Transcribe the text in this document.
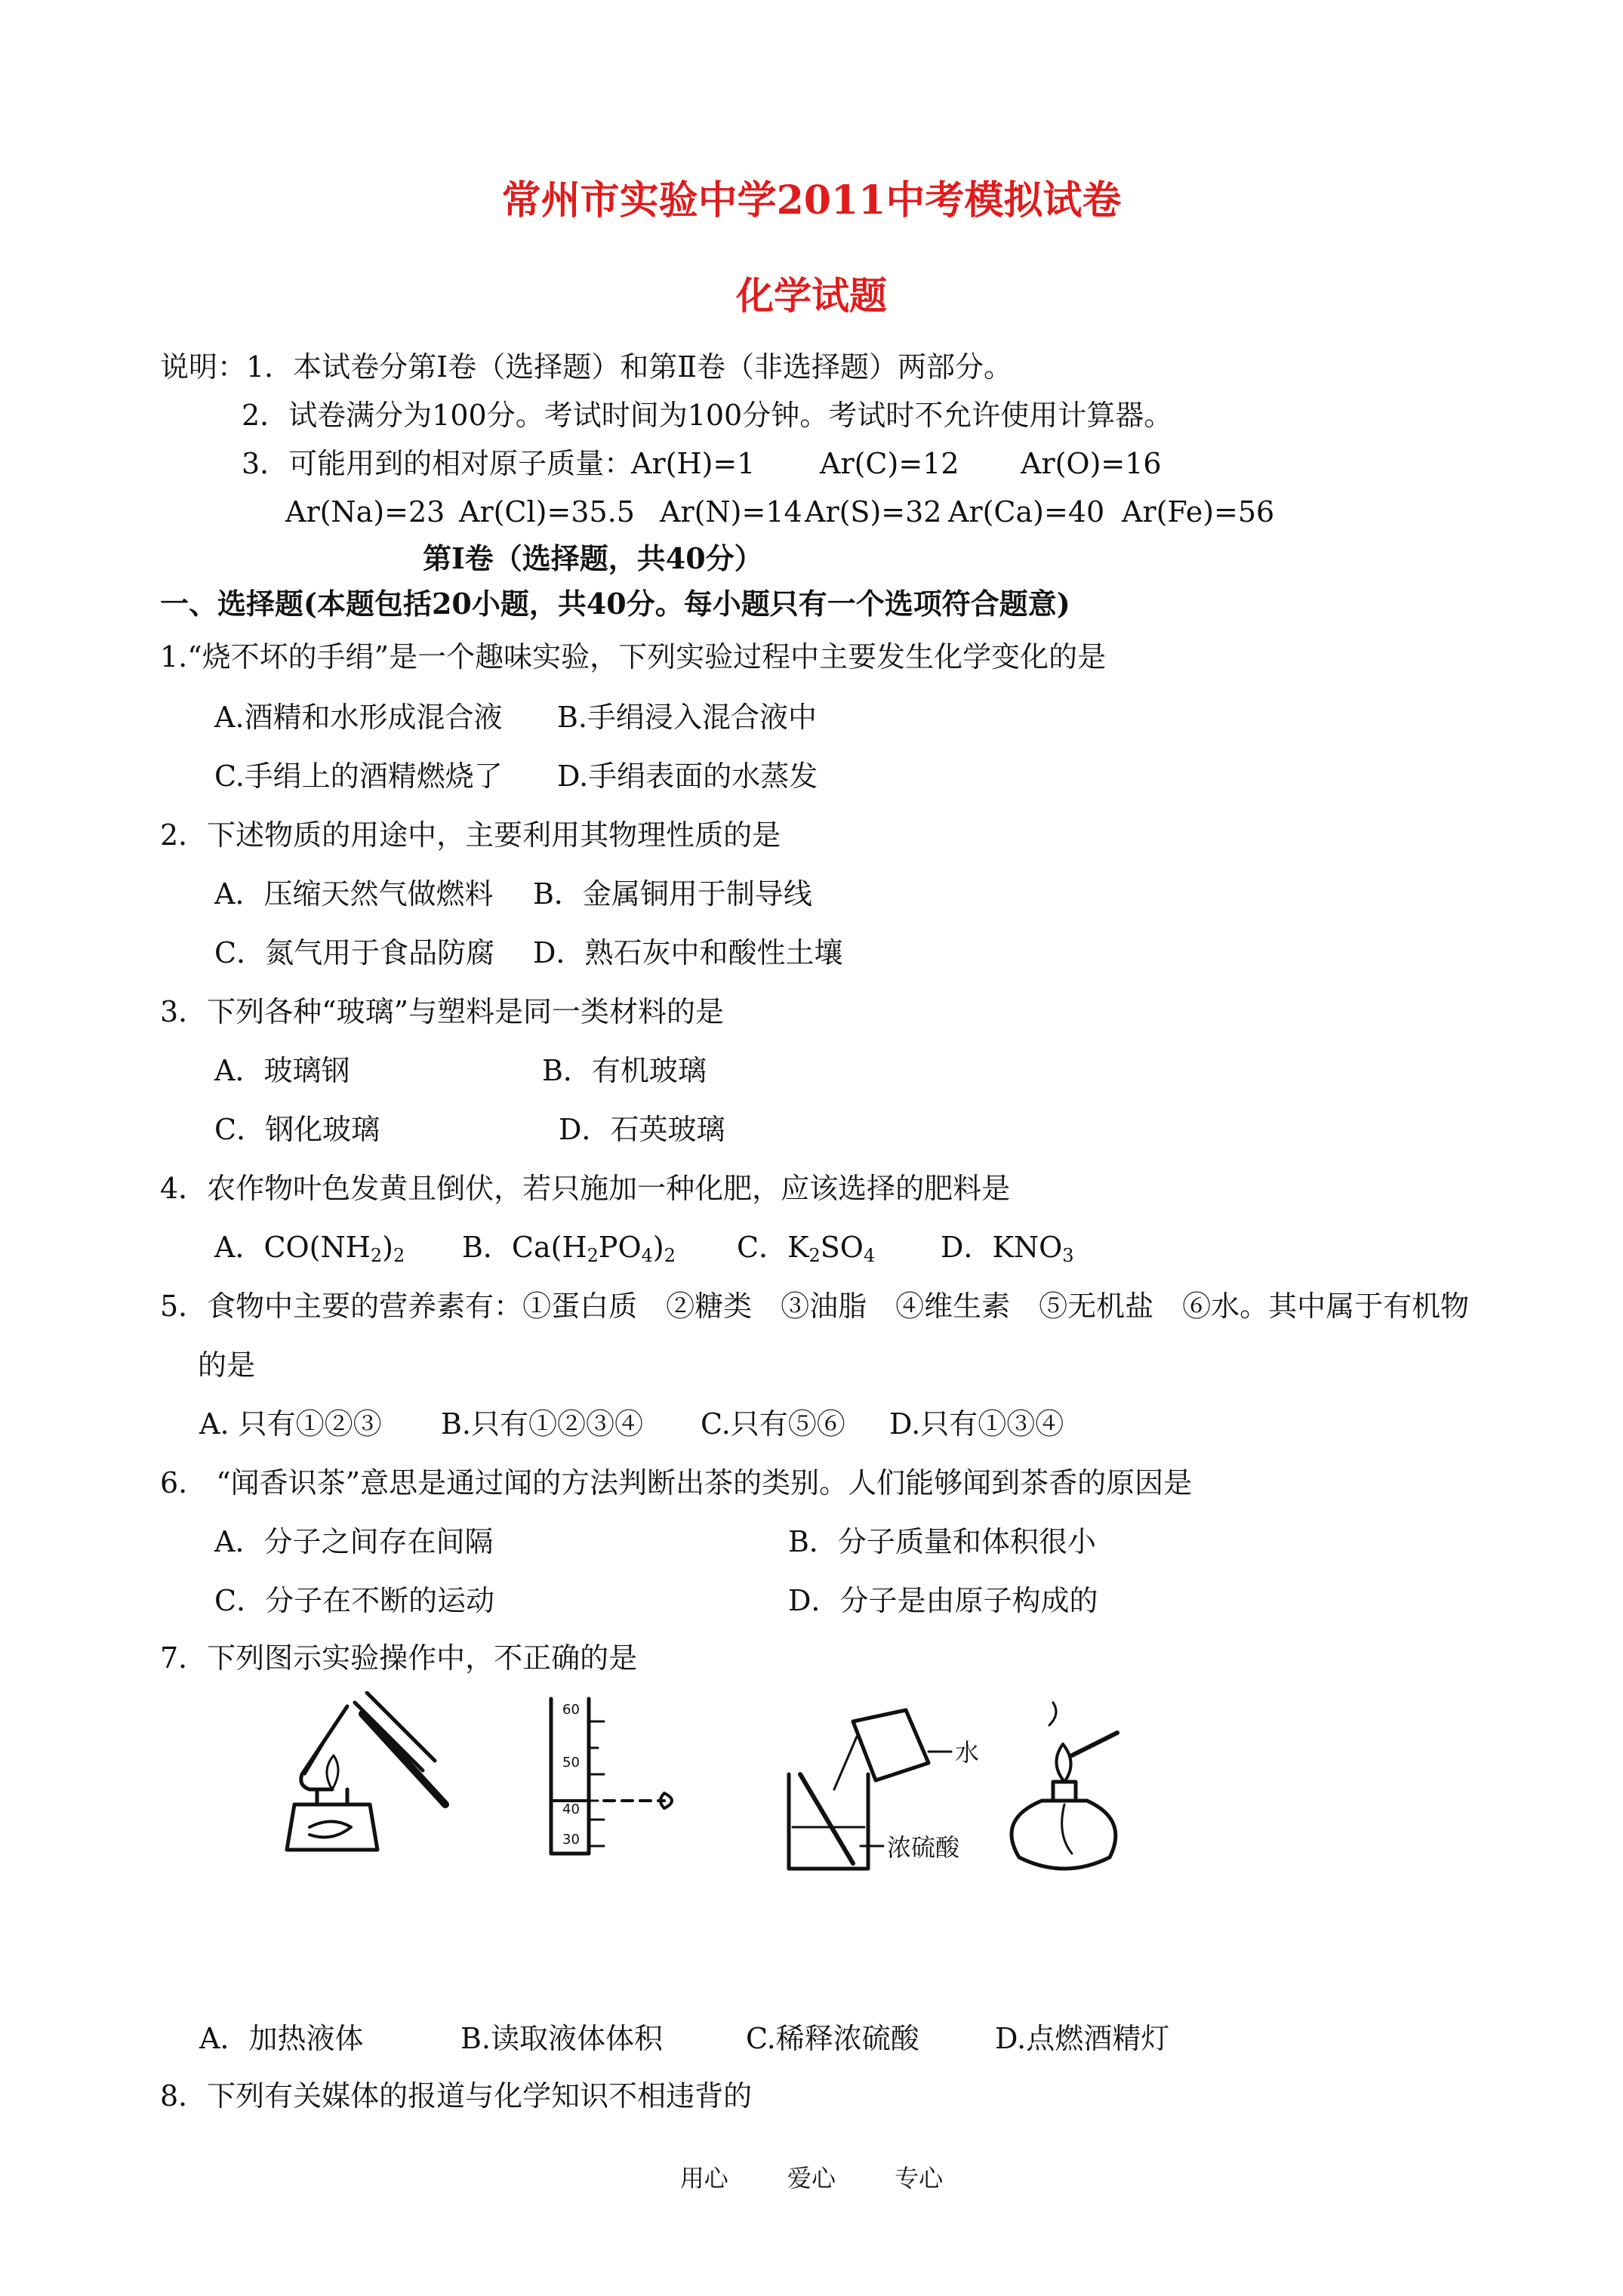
常州市实验中学2011中考模拟试卷
化学试题
说明：1．本试卷分第Ⅰ卷（选择题）和第Ⅱ卷（非选择题）两部分。
2．试卷满分为100分。考试时间为100分钟。考试时不允许使用计算器。
3．可能用到的相对原子质量：
Ar(H)=1 Ar(C)=12 Ar(O)=16
Ar(Na)=23 Ar(Cl)=35.5 Ar(N)=14 Ar(S)=32 Ar(Ca)=40 Ar(Fe)=56
第Ⅰ卷（选择题，共40分）
一、选择题(本题包括20小题，共40分。每小题只有一个选项符合题意)
1.“烧不坏的手绢”是一个趣味实验，下列实验过程中主要发生化学变化的是
A.酒精和水形成混合液 B.手绢浸入混合液中
C.手绢上的酒精燃烧了 D.手绢表面的水蒸发
2．下述物质的用途中，主要利用其物理性质的是
A．压缩天然气做燃料 B．金属铜用于制导线
C．氮气用于食品防腐 D．熟石灰中和酸性土壤
3．下列各种“玻璃”与塑料是同一类材料的是
A．玻璃钢	B．有机玻璃
C．钢化玻璃	D．石英玻璃
4．农作物叶色发黄且倒伏，若只施加一种化肥，应该选择的肥料是
A．$CO(NH_2)_2$ B．$Ca(H_2PO_4)_2$ C．$K_2SO_4$ D．$KNO_3$
5．食物中主要的营养素有：①蛋白质　②糖类　③油脂　④维生素　⑤无机盐　⑥水。其中属于有机物
的是
A. 只有①②③ B.只有①②③④ C.只有⑤⑥ D.只有①③④
6.　“闻香识茶”意思是通过闻的方法判断出茶的类别。人们能够闻到茶香的原因是
A．分子之间存在间隔	B．分子质量和体积很小
C．分子在不断的运动	D．分子是由原子构成的
7．下列图示实验操作中，不正确的是
60
50
40
30
水
浓硫酸
A．加热液体	B.读取液体体积	C.稀释浓硫酸	D.点燃酒精灯
8．下列有关媒体的报道与化学知识不相违背的
用心 爱心 专心
